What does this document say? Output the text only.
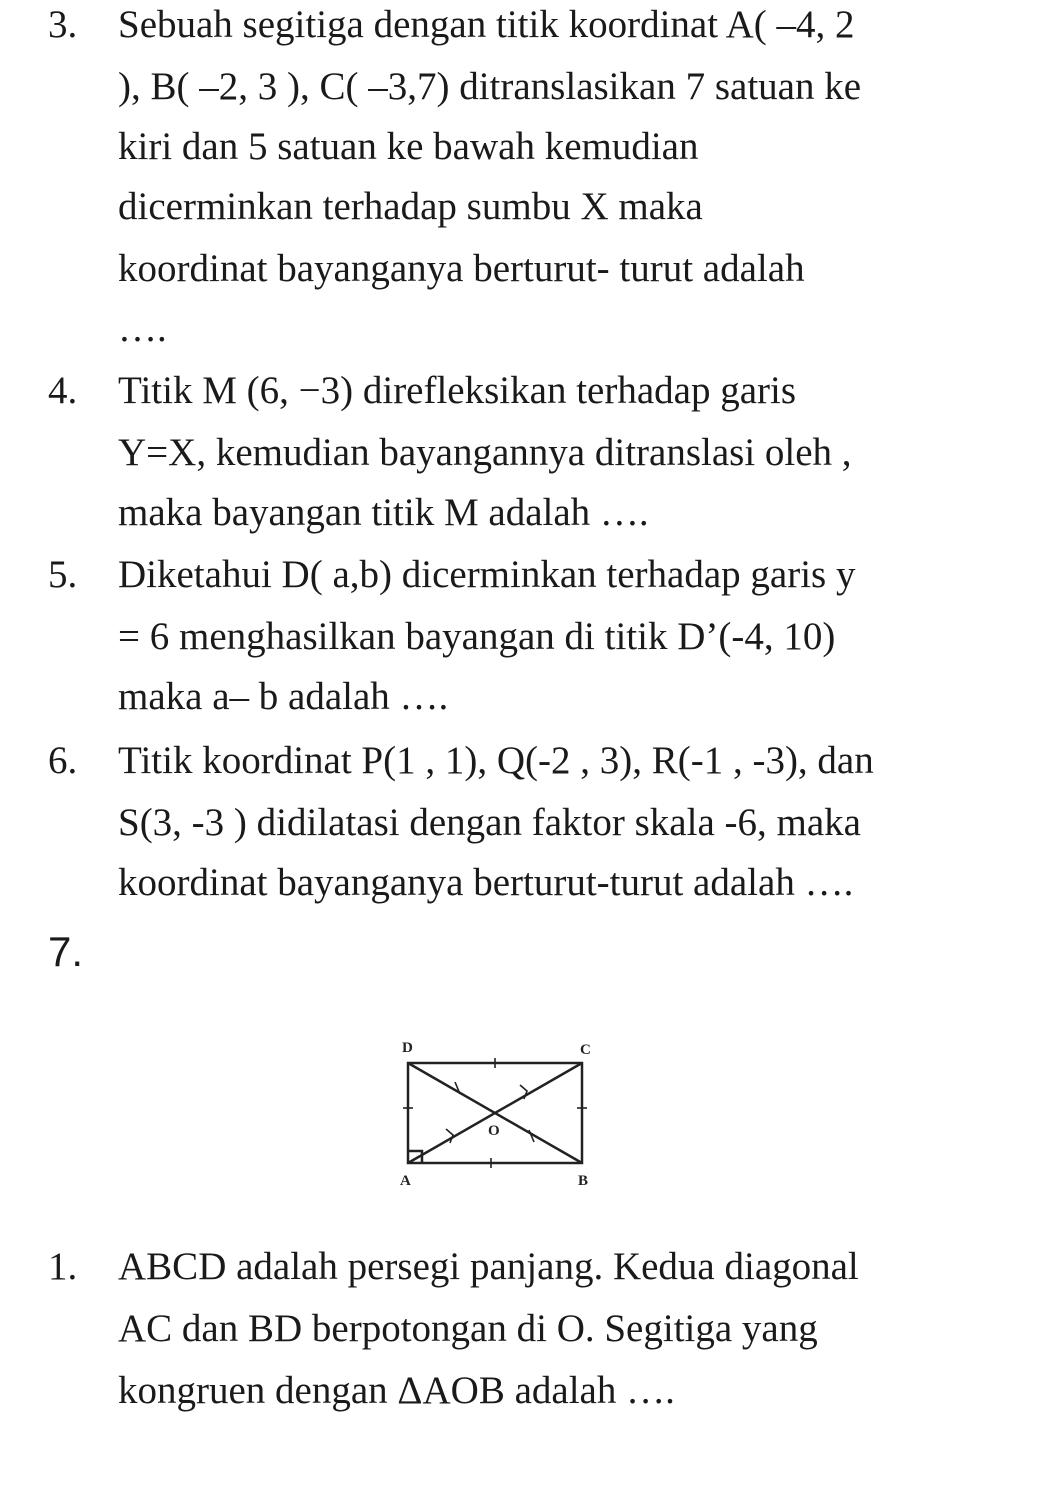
3. Sebuah segitiga dengan titik koordinat A( –4, 2
), B( –2, 3 ), C( –3,7) ditranslasikan 7 satuan ke
kiri dan 5 satuan ke bawah kemudian
dicerminkan terhadap sumbu X maka
koordinat bayanganya berturut- turut adalah
….
4. Titik M (6, −3) direfleksikan terhadap garis
Y=X, kemudian bayangannya ditranslasi oleh ,
maka bayangan titik M adalah ….
5. Diketahui D( a,b) dicerminkan terhadap garis y
= 6 menghasilkan bayangan di titik D’(-4, 10)
maka a– b adalah ….
6. Titik koordinat P(1 , 1), Q(-2 , 3), R(-1 , -3), dan
S(3, -3 ) didilatasi dengan faktor skala -6, maka
koordinat bayanganya berturut-turut adalah ….
7.
D	C
A	B
O
1. ABCD adalah persegi panjang. Kedua diagonal
AC dan BD berpotongan di O. Segitiga yang
kongruen dengan ΔAOB adalah ….
